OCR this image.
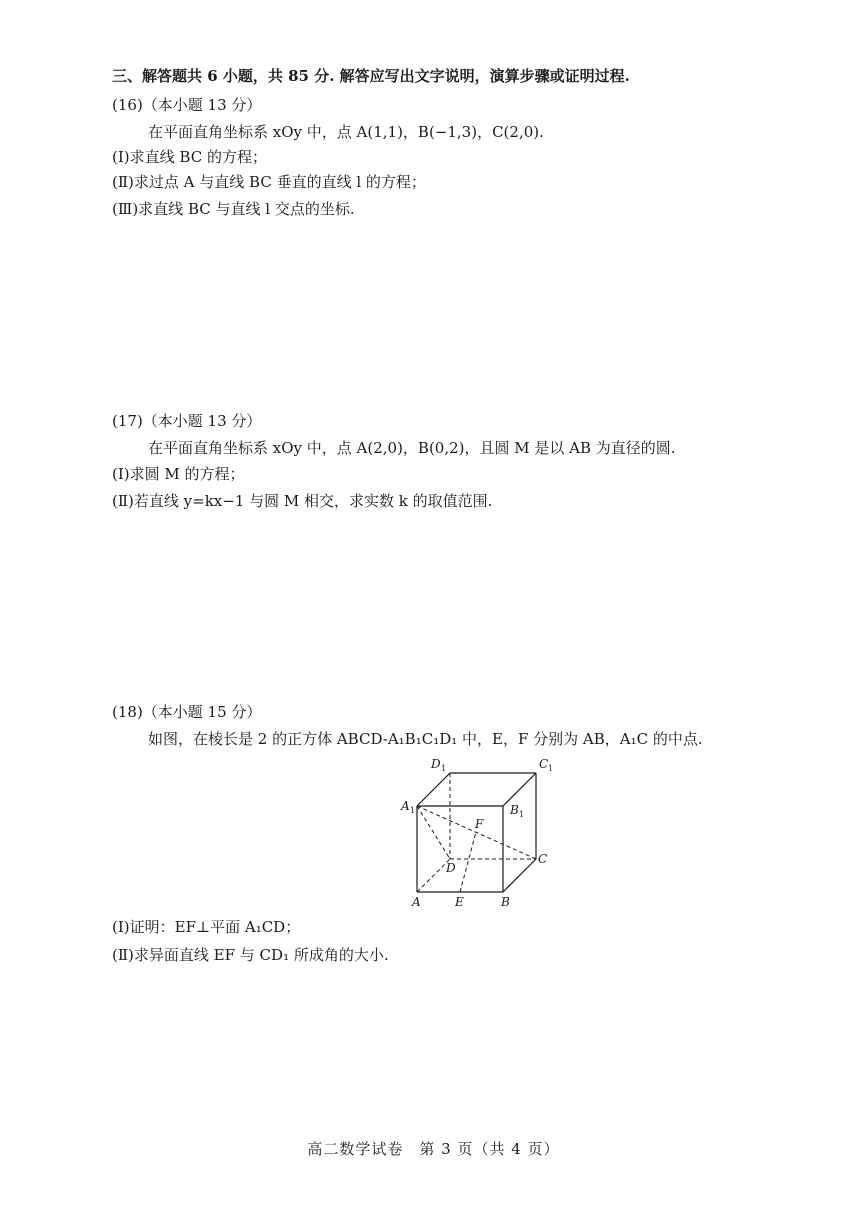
三、解答题共 6 小题，共 85 分. 解答应写出文字说明，演算步骤或证明过程.
(16)（本小题 13 分）
在平面直角坐标系 xOy 中，点 A(1,1)，B(−1,3)，C(2,0).
(Ⅰ)求直线 BC 的方程；
(Ⅱ)求过点 A 与直线 BC 垂直的直线 l 的方程；
(Ⅲ)求直线 BC 与直线 l 交点的坐标.
(17)（本小题 13 分）
在平面直角坐标系 xOy 中，点 A(2,0)，B(0,2)，且圆 M 是以 AB 为直径的圆.
(Ⅰ)求圆 M 的方程；
(Ⅱ)若直线 y=kx−1 与圆 M 相交，求实数 k 的取值范围.
(18)（本小题 15 分）
如图，在棱长是 2 的正方体 ABCD-A₁B₁C₁D₁ 中，E，F 分别为 AB，A₁C 的中点.
D 1	C 1
A 1	B 1
F
D
C
A	E	B
(Ⅰ)证明：EF⊥平面 A₁CD；
(Ⅱ)求异面直线 EF 与 CD₁ 所成角的大小.
高二数学试卷　第 3 页（共 4 页）
